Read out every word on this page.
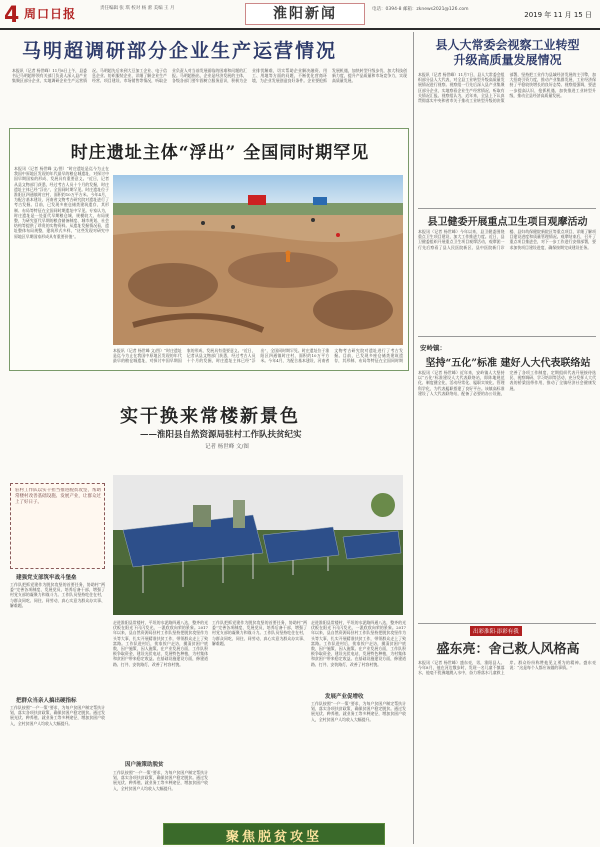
4 周口日报	责任编辑 张 琪 校对 杨 蕾 美编 王 月	淮阳新闻	电话：0394-8 邮箱：zknews2021@126.com
2019 年 11 月 15 日
马明超调研部分企业生产运营情况
本报讯（记者 杨世峰）11月8日上午，县委书记马明超带领有关部门负责人深入县产业集聚区部分企业，实地调研企业生产运营情况。马明超先后来到大豆加工企业、电子信息企业、纺织服装企业，详细了解企业生产经营、项目建设、市场销售等情况，听取企业负责人对当前发展面临的困难和问题的汇报。马明超指出，企业是经济发展的主体，各级各部门要牢固树立服务意识，积极为企业排忧解难，切实帮助企业解决融资、用工、用地等方面的问题，不断优化营商环境，为企业发展创造良好条件。企业要抢抓发展机遇，加快转型升级步伐，加大科技创新力度，提升产品质量和市场竞争力，实现高质量发展。
时庄遗址主体“浮出” 全国同时期罕见
本报讯（记者 杨世峰 文/图）“时庄遗址是迄今为止在我国中原地区发现的年代最早的粮仓城遗址，对探讨中国早期国家的形成、发展具有重要意义。”近日，记者从县文物部门获悉，经过考古人员十个月的发掘，时庄遗址主体已经“浮出”，全国同时期罕见。时庄遗址位于淮阳区四通镇时庄村，面积约10万平方米。今年4月，为配合基本建设，河南省文物考古研究院对遗址进行了考古发掘。目前，已发现多座仓储类建筑遗存，其形制、布局等特征在全国同时期遗址中罕见。专家认为，时庄遗址是一处夏代早期粮仓城，规模较大，布局规整，为研究夏代早期的粮食储备制度、城市规划、社会结构等提供了珍贵的实物资料。从遗址发掘情况看，遗址整体布局规整，建筑形式多样，“这些发现对研究中原地区早期国家形成具有重要价值”。
本报讯（记者 杨世峰 文/图）“时庄遗址是迄今为止在我国中原地区发现的年代最早的粮仓城遗址，对探讨中国早期国家的形成、发展具有重要意义。”近日，记者从县文物部门获悉，经过考古人员十个月的发掘，时庄遗址主体已经“浮出”，全国同时期罕见。时庄遗址位于淮阳区四通镇时庄村，面积约10万平方米。今年4月，为配合基本建设，河南省文物考古研究院对遗址进行了考古发掘。目前，已发现多座仓储类建筑遗存，其形制、布局等特征在全国同时期
实干换来常楼新景色
——淮阳县自然资源局驻村工作队扶贫纪实
记者 杨世峰 文/图
驻村工作队以实干担当推进脱贫攻坚，帮助常楼村改善基础设施、发展产业，让群众过上了好日子。
建强党支部筑牢战斗堡垒
工作队把抓党建作为脱贫攻坚的首要任务，协助村“两委”完善各项制度，发展党员，培养后备干部，增强了村党支部的凝聚力和战斗力。工作队员坚持吃住在村，与群众同吃、同住、同劳动，真心实意为群众办实事、解难题。
把群众当亲人搞出硬指标
工作队按照“一户一策”要求，为每户贫困户制定帮扶计划，落实各项扶贫政策，确保贫困户稳定脱贫。通过发展光伏、种养殖、就业务工等多种途径，增加贫困户收入，全村贫困户人均收入大幅提升。
走进淮阳县常楼村，平坦的水泥路四通八达，整齐的光伏板在阳光下闪闪发光，一派欣欣向荣的景象。2017年以来，县自然资源局驻村工作队坚持把脱贫攻坚作为头等大事，扎实开展精准扶贫工作，带领群众走上了致富路。工作队进村后，挨家挨户走访，摸清贫困户底数，因户施策，因人施策。在产业发展方面，工作队积极争取资金，建设光伏电站，发展特色种植，为村集体和贫困户带来稳定收益。在基础设施建设方面，修建道路、打井、安装路灯，改善了村容村貌。
因户施策助脱贫
工作队按照“一户一策”要求，为每户贫困户制定帮扶计划，落实各项扶贫政策，确保贫困户稳定脱贫。通过发展光伏、种养殖、就业务工等多种途径，增加贫困户收入，全村贫困户人均收入大幅提升。
工作队把抓党建作为脱贫攻坚的首要任务，协助村“两委”完善各项制度，发展党员，培养后备干部，增强了村党支部的凝聚力和战斗力。工作队员坚持吃住在村，与群众同吃、同住、同劳动，真心实意为群众办实事、解难题。
走进淮阳县常楼村，平坦的水泥路四通八达，整齐的光伏板在阳光下闪闪发光，一派欣欣向荣的景象。2017年以来，县自然资源局驻村工作队坚持把脱贫攻坚作为头等大事，扎实开展精准扶贫工作，带领群众走上了致富路。工作队进村后，挨家挨户走访，摸清贫困户底数，因户施策，因人施策。在产业发展方面，工作队积极争取资金，建设光伏电站，发展特色种植，为村集体和贫困户带来稳定收益。在基础设施建设方面，修建道路、打井、安装路灯，改善了村容村貌。
发展产业促增收
工作队按照“一户一策”要求，为每户贫困户制定帮扶计划，落实各项扶贫政策，确保贫困户稳定脱贫。通过发展光伏、种养殖、就业务工等多种途径，增加贫困户收入，全村贫困户人均收入大幅提升。
聚焦脱贫攻坚
县人大常委会视察工业转型
升级高质量发展情况
本报讯（记者 杨世峰）11月7日，县人大常委会组织部分县人大代表，对全县工业转型升级高质量发展情况进行视察。视察组一行先后深入县产业集聚区部分企业，实地察看企业生产经营情况，听取有关情况汇报。视察组认为，近年来，全县上下认真贯彻落实中央和省市关于推动工业转型升级的决策部署，坚持把工业作为县域经济发展的主引擎，加大招商引资力度，推动产业集群发展，工业经济保持了平稳较快增长的良好态势。视察组强调，要进一步提高认识，抢抓机遇，加快推进工业转型升级，推动全县经济高质量发展。
县卫健委开展重点卫生项目观摩活动
本报讯（记者 杨世峰）今年以来，县卫健委围绕重点卫生项目建设，加大工作推进力度。近日，县卫健委组织开展重点卫生项目观摩活动，观摩团一行先后察看了县人民医院新区、县中医院新门诊楼、县妇幼保健院新院区等重点项目，详细了解项目建设进度和质量管理情况。观摩结束后，召开了重点项目推进会，对下一步工作进行安排部署，要求加快项目建设进度，确保按期完成建设任务。
安岭镇：
坚持“五化”标准 建好人大代表联络站
本报讯（记者 杨世峰）近年来，安岭镇人大坚持以“五化”标准建设人大代表联络站，即阵地规范化、制度健全化、活动经常化、履职实效化、管理科学化，为代表履职搭建了良好平台。该镇高标准建设了人大代表联络站，配备了必要的办公设施，完善了各项工作制度，定期组织代表开展接待选民、视察调研、学习培训等活动，充分发挥人大代表的桥梁纽带作用，推动了全镇经济社会健康发展。
出彩淮阳·添彩有我
盛东亮：舍己救人风格高
本报讯（记者 杨世峰）盛东亮，男，淮阳县人。今年8月，他在河边散步时，发现一名儿童不慎落水，他毫不犹豫地跳入水中，奋力将落水儿童救上岸。群众纷纷称赞他见义勇为的精神。盛东亮说：“这是每个人都应该做的事情。”
